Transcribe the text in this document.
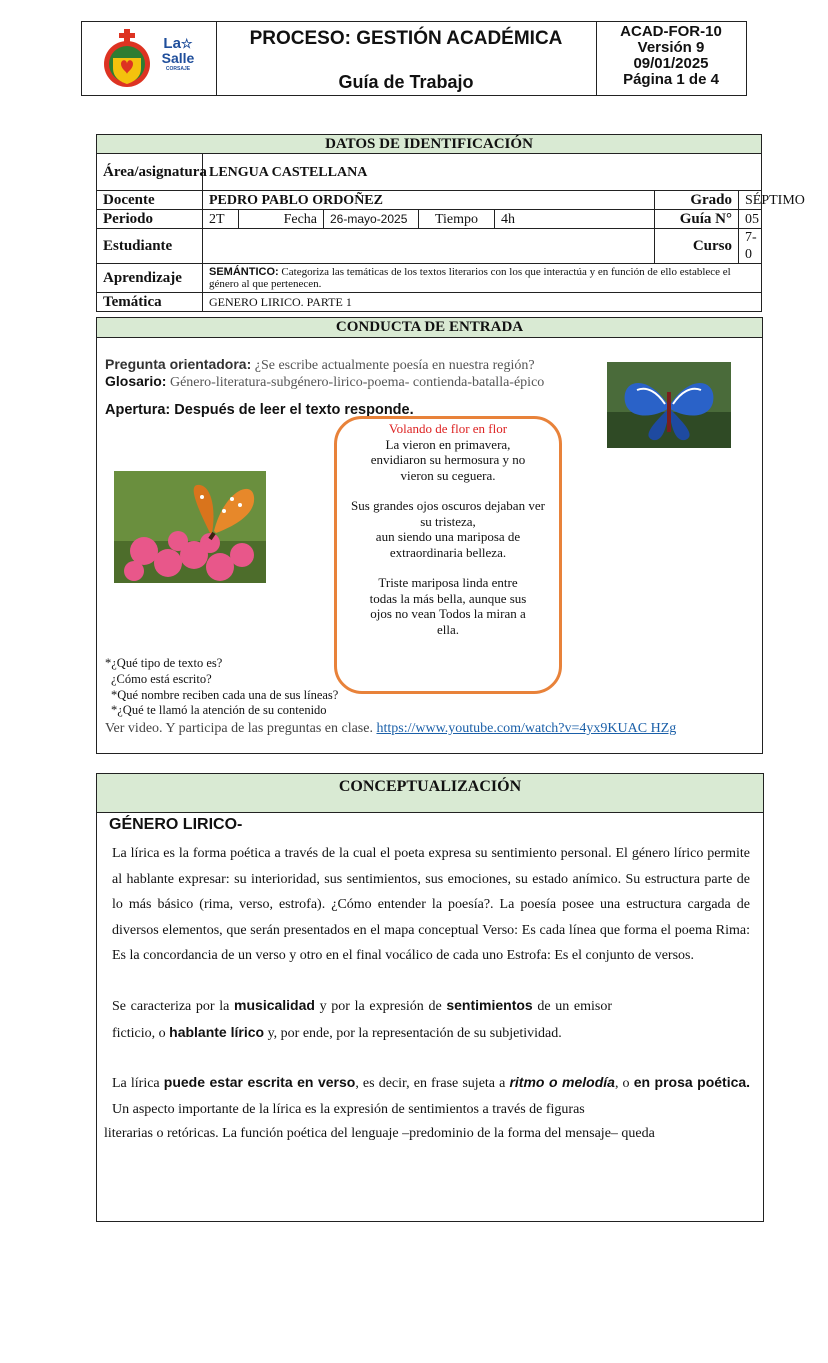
La☆
Salle
CORSAJE
PROCESO: GESTIÓN ACADÉMICA
Guía de Trabajo
ACAD-FOR-10
Versión 9
09/01/2025
Página 1 de 4
DATOS DE IDENTIFICACIÓN							
Área/asignatura	LENGUA CASTELLANA						
Docente	PEDRO PABLO ORDOÑEZ					Grado	SÉPTIMO
Periodo	2T	Fecha	26-mayo-2025	Tiempo	4h	Guía N°	05
Estudiante						Curso	7-0
Aprendizaje	SEMÁNTICO: Categoriza las temáticas de los textos literarios con los que interactúa y en función de ello establece el género al que pertenecen.						
Temática	GENERO LIRICO. PARTE 1						
CONDUCTA DE ENTRADA
Pregunta orientadora: ¿Se escribe actualmente poesía en nuestra región?
Glosario: Género-literatura-subgénero-lirico-poema- contienda-batalla-épico
Apertura: Después de leer el texto responde.
*¿Qué tipo de texto es?
¿Cómo está escrito?
*Qué nombre reciben cada una de sus líneas?
*¿Qué te llamó la atención de su contenido
Ver video. Y participa de las preguntas en clase. https://www.youtube.com/watch?v=4yx9KUAC HZg
Volando de flor en flor
La vieron en primavera,
envidiaron su hermosura y no
vieron su ceguera.
Sus grandes ojos oscuros dejaban ver
su tristeza,
aun siendo una mariposa de
extraordinaria belleza.
Triste mariposa linda entre
todas la más bella, aunque sus
ojos no vean Todos la miran a
ella.
CONCEPTUALIZACIÓN
GÉNERO LIRICO-
La lírica es la forma poética a través de la cual el poeta expresa su sentimiento personal. El género lírico permite al hablante expresar: su interioridad, sus sentimientos, sus emociones, su estado anímico. Su estructura parte de lo más básico (rima, verso, estrofa). ¿Cómo entender la poesía?. La poesía posee una estructura cargada de diversos elementos, que serán presentados en el mapa conceptual Verso: Es cada línea que forma el poema Rima: Es la concordancia de un verso y otro en el final vocálico de cada uno Estrofa: Es el conjunto de versos.
Se caracteriza por la musicalidad y por la expresión de sentimientos de un emisor ficticio, o hablante lírico y, por ende, por la representación de su subjetividad.
La lírica puede estar escrita en verso, es decir, en frase sujeta a ritmo o melodía, o en prosa poética. Un aspecto importante de la lírica es la expresión de sentimientos a través de figuras
literarias o retóricas. La función poética del lenguaje –predominio de la forma del mensaje– queda
